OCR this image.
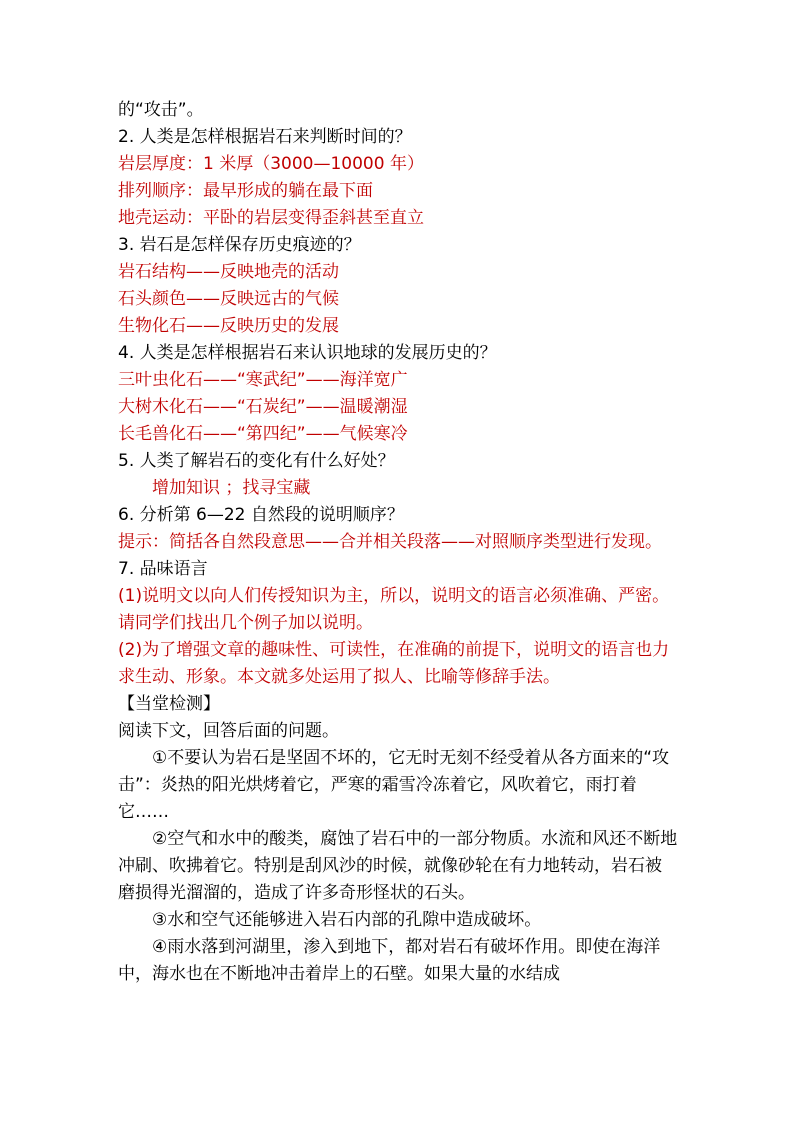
的“攻击”。
2. 人类是怎样根据岩石来判断时间的？
岩层厚度：1 米厚（3000—10000 年）
排列顺序：最早形成的躺在最下面
地壳运动：平卧的岩层变得歪斜甚至直立
3. 岩石是怎样保存历史痕迹的？
岩石结构——反映地壳的活动
石头颜色——反映远古的气候
生物化石——反映历史的发展
4. 人类是怎样根据岩石来认识地球的发展历史的？
三叶虫化石——“寒武纪”——海洋宽广
大树木化石——“石炭纪”——温暖潮湿
长毛兽化石——“第四纪”——气候寒冷
5. 人类了解岩石的变化有什么好处？
增加知识 ；找寻宝藏
6. 分析第 6—22 自然段的说明顺序？
提示：简括各自然段意思——合并相关段落——对照顺序类型进行发现。
7. 品味语言
(1)说明文以向人们传授知识为主，所以，说明文的语言必须准确、严密。请同学们找出几个例子加以说明。
(2)为了增强文章的趣味性、可读性，在准确的前提下，说明文的语言也力求生动、形象。本文就多处运用了拟人、比喻等修辞手法。
【当堂检测】
阅读下文，回答后面的问题。
①不要认为岩石是坚固不坏的，它无时无刻不经受着从各方面来的“攻击”：炎热的阳光烘烤着它，严寒的霜雪冷冻着它，风吹着它，雨打着它……
②空气和水中的酸类，腐蚀了岩石中的一部分物质。水流和风还不断地冲刷、吹拂着它。特别是刮风沙的时候，就像砂轮在有力地转动，岩石被磨损得光溜溜的，造成了许多奇形怪状的石头。
③水和空气还能够进入岩石内部的孔隙中造成破坏。
④雨水落到河湖里，渗入到地下，都对岩石有破坏作用。即使在海洋中，海水也在不断地冲击着岸上的石壁。如果大量的水结成
